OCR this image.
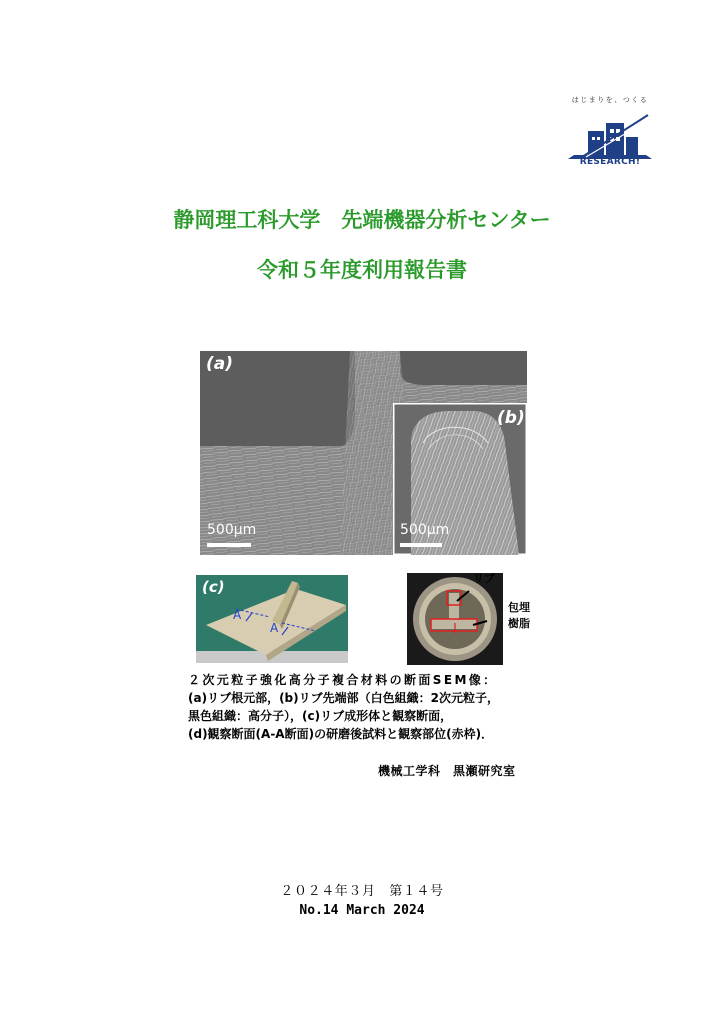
はじまりを、つくる
RESEARCH!
静岡理工科大学　先端機器分析センター
令和５年度利用報告書
(a)
500μm
(b)
500μm
(c)
A
A
リブ
包埋
樹脂
２次元粒子強化高分子複合材料の断面SEM像：
(a)リブ根元部，(b)リブ先端部（白色組織：2次元粒子，
黒色組織：高分子），(c)リブ成形体と観察断面，
(d)観察断面(A-A断面)の研磨後試料と観察部位(赤枠)．
機械工学科　黒瀬研究室
２０２４年３月　第１４号
No.14 March 2024
